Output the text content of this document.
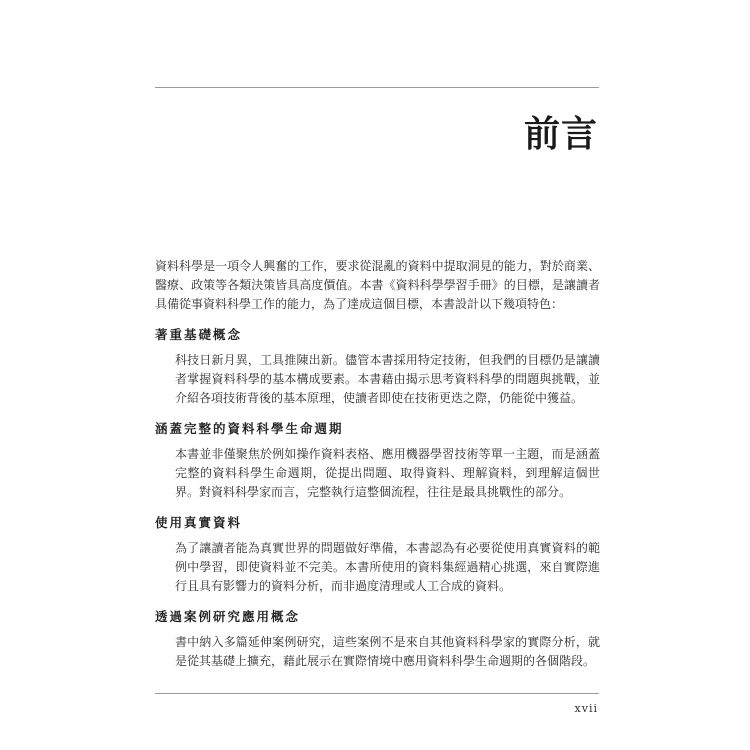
前言

資料科學是一項令人興奮的工作，要求從混亂的資料中提取洞見的能力，對於商業、醫療、政策等各類決策皆具高度價值。本書《資料科學學習手冊》的目標，是讓讀者具備從事資料科學工作的能力，為了達成這個目標，本書設計以下幾項特色：

著重基礎概念

科技日新月異，工具推陳出新。儘管本書採用特定技術，但我們的目標仍是讓讀者掌握資料科學的基本構成要素。本書藉由揭示思考資料科學的問題與挑戰，並介紹各項技術背後的基本原理，使讀者即使在技術更迭之際，仍能從中獲益。

涵蓋完整的資料科學生命週期

本書並非僅聚焦於例如操作資料表格、應用機器學習技術等單一主題，而是涵蓋完整的資料科學生命週期，從提出問題、取得資料、理解資料，到理解這個世界。對資料科學家而言，完整執行這整個流程，往往是最具挑戰性的部分。

使用真實資料

為了讓讀者能為真實世界的問題做好準備，本書認為有必要從使用真實資料的範例中學習，即使資料並不完美。本書所使用的資料集經過精心挑選，來自實際進行且具有影響力的資料分析，而非過度清理或人工合成的資料。

透過案例研究應用概念

書中納入多篇延伸案例研究，這些案例不是來自其他資料科學家的實際分析，就是從其基礎上擴充，藉此展示在實際情境中應用資料科學生命週期的各個階段。

xvii
